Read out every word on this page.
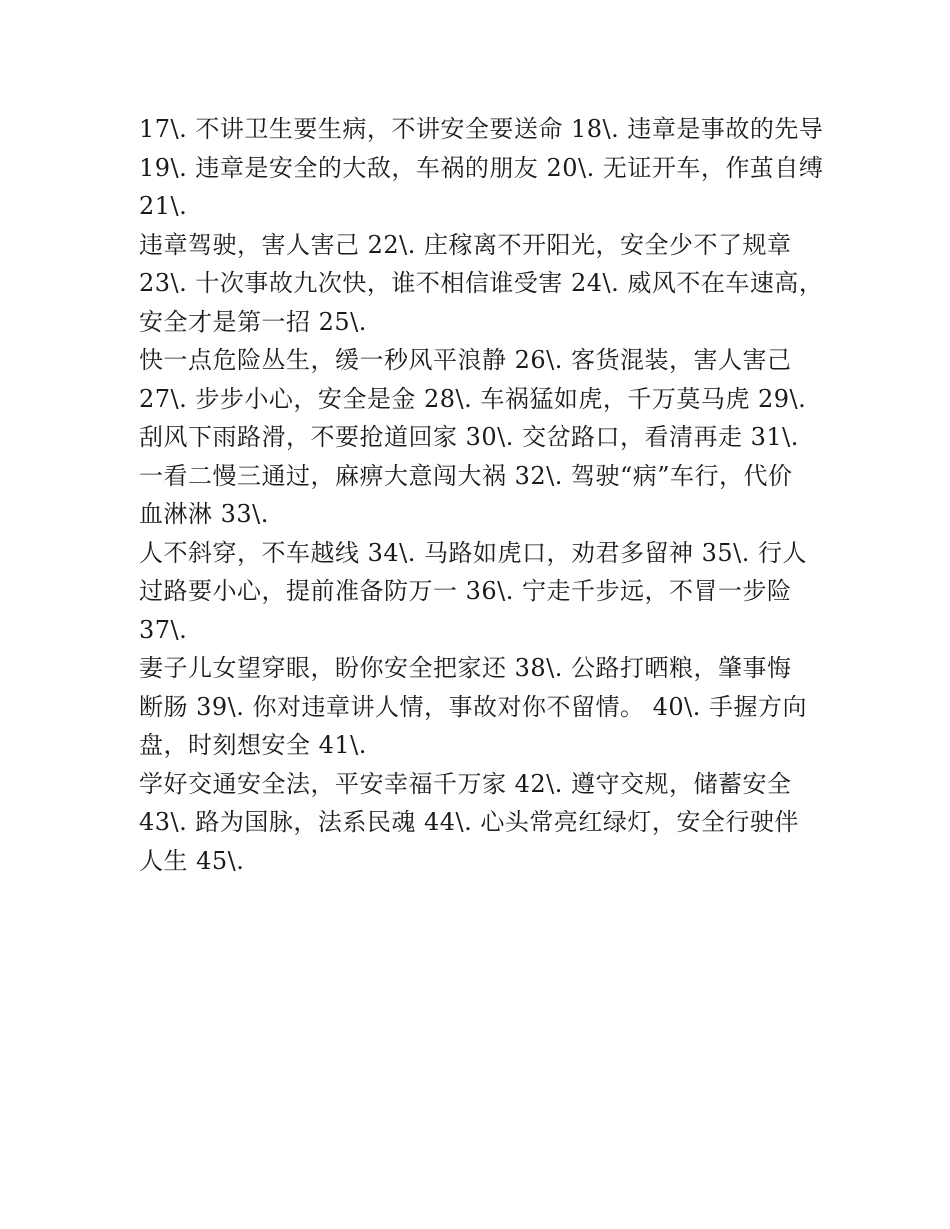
17\. 不讲卫生要生病，不讲安全要送命 18\. 违章是事故的先导
19\. 违章是安全的大敌，车祸的朋友 20\. 无证开车，作茧自缚
21\.
违章驾驶，害人害己 22\. 庄稼离不开阳光，安全少不了规章
23\. 十次事故九次快，谁不相信谁受害 24\. 威风不在车速高，
安全才是第一招 25\.
快一点危险丛生，缓一秒风平浪静 26\. 客货混装，害人害己
27\. 步步小心，安全是金 28\. 车祸猛如虎，千万莫马虎 29\.
刮风下雨路滑，不要抢道回家 30\. 交岔路口，看清再走 31\.
一看二慢三通过，麻痹大意闯大祸 32\. 驾驶“病”车行，代价
血淋淋 33\.
人不斜穿，不车越线 34\. 马路如虎口，劝君多留神 35\. 行人
过路要小心，提前准备防万一 36\. 宁走千步远，不冒一步险
37\.
妻子儿女望穿眼，盼你安全把家还 38\. 公路打晒粮，肇事悔
断肠 39\. 你对违章讲人情，事故对你不留情。 40\. 手握方向
盘，时刻想安全 41\.
学好交通安全法，平安幸福千万家 42\. 遵守交规，储蓄安全
43\. 路为国脉，法系民魂 44\. 心头常亮红绿灯，安全行驶伴
人生 45\.
